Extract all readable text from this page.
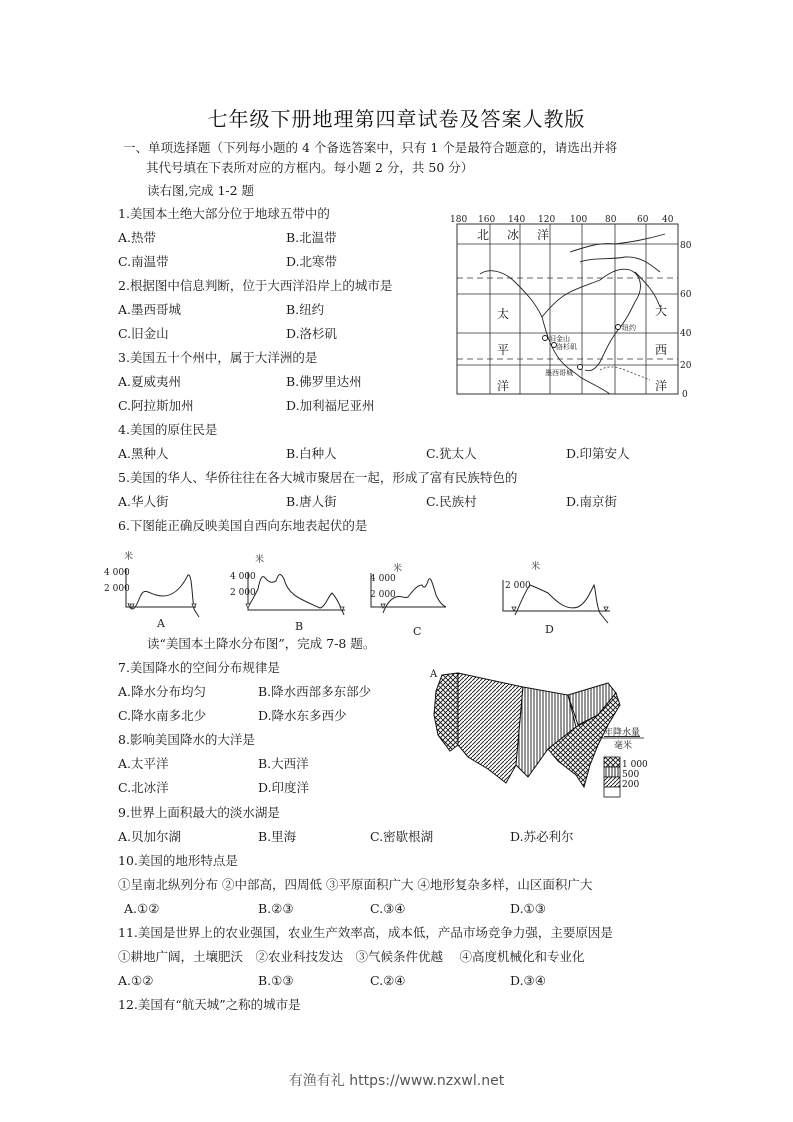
七年级下册地理第四章试卷及答案人教版
一、单项选择题（下列每小题的 4 个备选答案中，只有 1 个是最符合题意的，请选出并将
其代号填在下表所对应的方框内。每小题 2 分，共 50 分）
读右图,完成 1-2 题
1.美国本土绝大部分位于地球五带中的
A.热带	B.北温带
C.南温带	D.北寒带
2.根据图中信息判断，位于大西洋沿岸上的城市是
A.墨西哥城	B.纽约
C.旧金山	D.洛杉矶
3.美国五十个州中，属于大洋洲的是
A.夏威夷州	B.佛罗里达州
C.阿拉斯加州	D.加利福尼亚州
4.美国的原住民是
A.黑种人	B.白种人	C.犹太人	D.印第安人
5.美国的华人、华侨往往在各大城市聚居在一起，形成了富有民族特色的
A.华人街	B.唐人街	C.民族村	D.南京街
6.下图能正确反映美国自西向东地表起伏的是
180 160 140 120 100 80 60 40
80
60
40
20
0
北 冰 洋
太
平
洋
大
西
洋
旧金山
洛杉矶
纽约
墨西哥城
米
4 000
2 000
A
米
4 000
2 000
B
米
4 000
2 000
C
米
2 000
D
读“美国本土降水分布图”，完成 7-8 题。
7.美国降水的空间分布规律是
A.降水分布均匀	B.降水西部多东部少
C.降水南多北少	D.降水东多西少
8.影响美国降水的大洋是
A.太平洋	B.大西洋
C.北冰洋	D.印度洋
A
年降水量
毫米
1 000
500
200
9.世界上面积最大的淡水湖是
A.贝加尔湖	B.里海	C.密歇根湖	D.苏必利尔
10.美国的地形特点是
①呈南北纵列分布 ②中部高，四周低 ③平原面积广大 ④地形复杂多样，山区面积广大
A.①②	B.②③	C.③④	D.①③
11.美国是世界上的农业强国，农业生产效率高，成本低，产品市场竞争力强，主要原因是
①耕地广阔，土壤肥沃　②农业科技发达　③气候条件优越　 ④高度机械化和专业化
A.①②	B.①③	C.②④	D.③④
12.美国有“航天城”之称的城市是
有渔有礼 https://www.nzxwl.net
